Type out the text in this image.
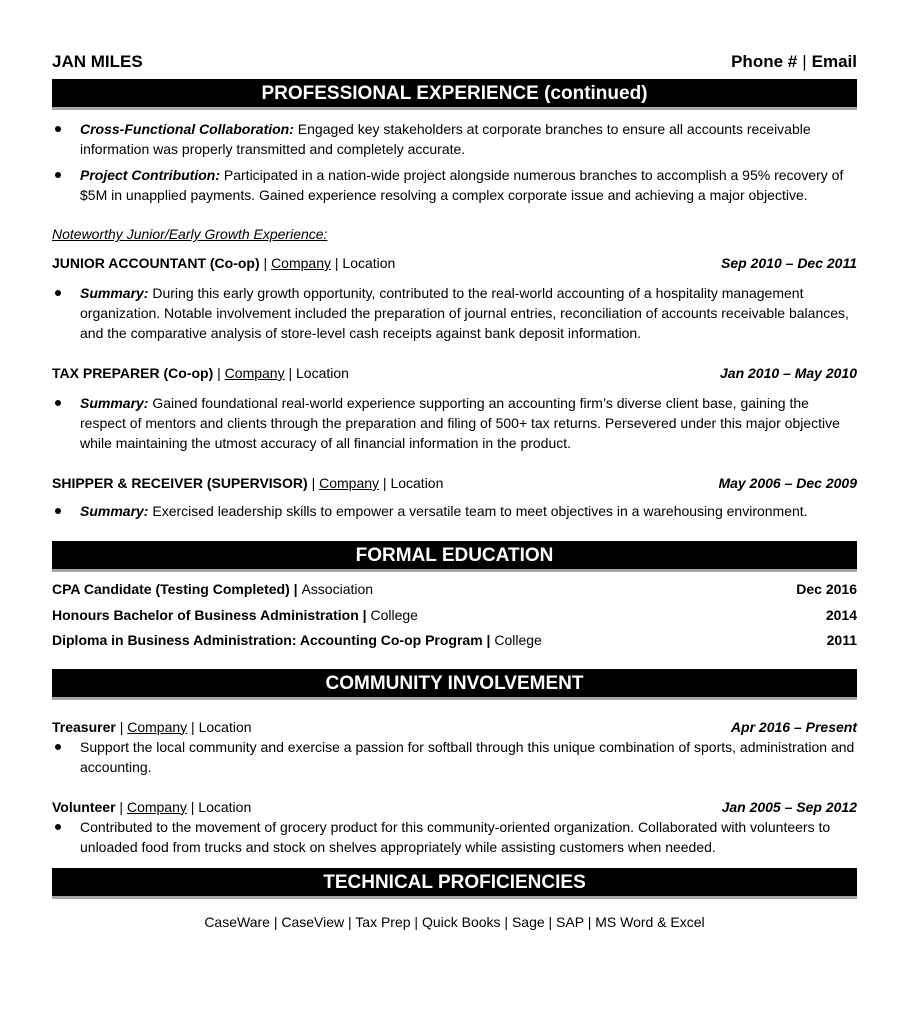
JAN MILES	Phone # | Email
PROFESSIONAL EXPERIENCE (continued)
Cross-Functional Collaboration: Engaged key stakeholders at corporate branches to ensure all accounts receivable information was properly transmitted and completely accurate.
Project Contribution: Participated in a nation-wide project alongside numerous branches to accomplish a 95% recovery of $5M in unapplied payments. Gained experience resolving a complex corporate issue and achieving a major objective.
Noteworthy Junior/Early Growth Experience:
JUNIOR ACCOUNTANT (Co-op) | Company | Location	Sep 2010 – Dec 2011
Summary: During this early growth opportunity, contributed to the real-world accounting of a hospitality management organization. Notable involvement included the preparation of journal entries, reconciliation of accounts receivable balances, and the comparative analysis of store-level cash receipts against bank deposit information.
TAX PREPARER (Co-op) | Company | Location	Jan 2010 – May 2010
Summary: Gained foundational real-world experience supporting an accounting firm’s diverse client base, gaining the respect of mentors and clients through the preparation and filing of 500+ tax returns. Persevered under this major objective while maintaining the utmost accuracy of all financial information in the product.
SHIPPER & RECEIVER (SUPERVISOR) | Company | Location	May 2006 – Dec 2009
Summary: Exercised leadership skills to empower a versatile team to meet objectives in a warehousing environment.
FORMAL EDUCATION
CPA Candidate (Testing Completed) | Association	Dec 2016
Honours Bachelor of Business Administration | College	2014
Diploma in Business Administration: Accounting Co-op Program | College	2011
COMMUNITY INVOLVEMENT
Treasurer | Company | Location	Apr 2016 – Present
Support the local community and exercise a passion for softball through this unique combination of sports, administration and accounting.
Volunteer | Company | Location	Jan 2005 – Sep 2012
Contributed to the movement of grocery product for this community-oriented organization. Collaborated with volunteers to unloaded food from trucks and stock on shelves appropriately while assisting customers when needed.
TECHNICAL PROFICIENCIES
CaseWare | CaseView | Tax Prep | Quick Books | Sage | SAP | MS Word & Excel
